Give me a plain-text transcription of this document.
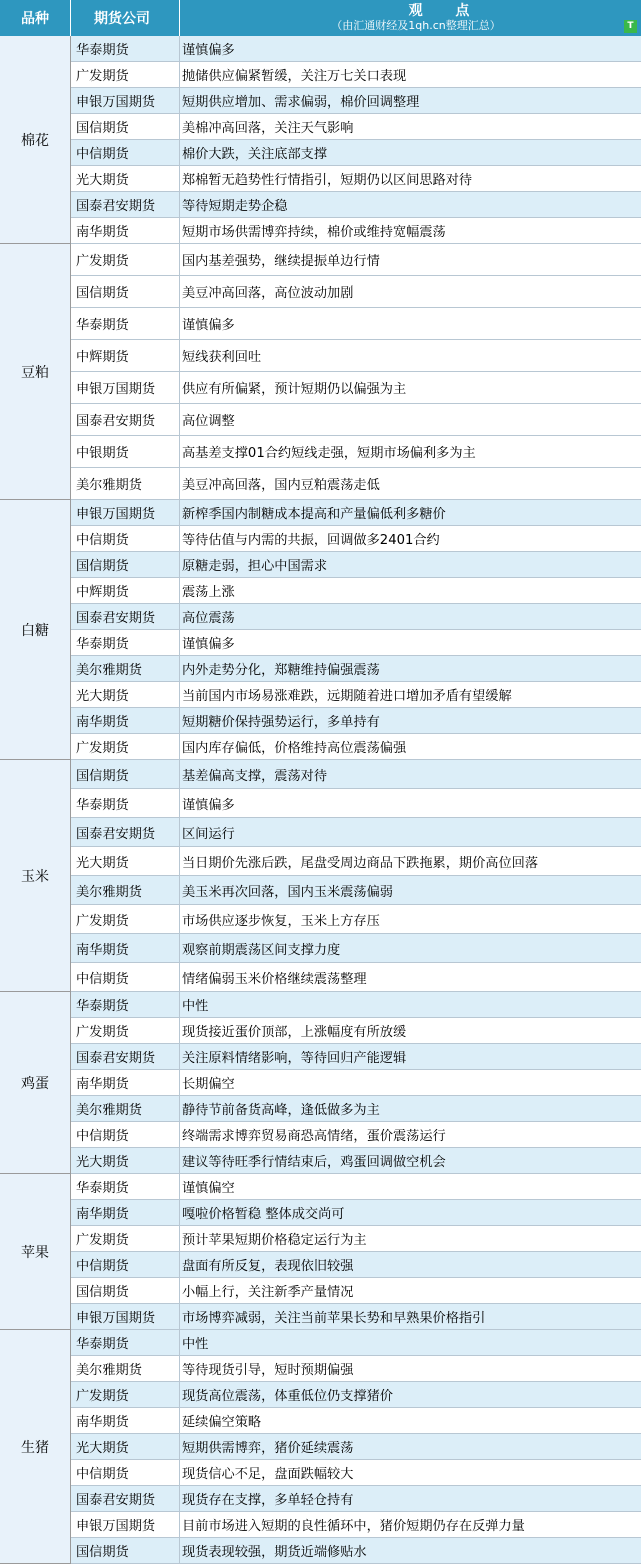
品种	期货公司	观 点
（由汇通财经及1qh.cn整理汇总）	T
棉花
华泰期货	谨慎偏多
广发期货	抛储供应偏紧暂缓，关注万七关口表现
申银万国期货	短期供应增加、需求偏弱，棉价回调整理
国信期货	美棉冲高回落，关注天气影响
中信期货	棉价大跌，关注底部支撑
光大期货	郑棉暂无趋势性行情指引，短期仍以区间思路对待
国泰君安期货	等待短期走势企稳
南华期货	短期市场供需博弈持续，棉价或维持宽幅震荡
豆粕
广发期货	国内基差强势，继续提振单边行情
国信期货	美豆冲高回落，高位波动加剧
华泰期货	谨慎偏多
中辉期货	短线获利回吐
申银万国期货	供应有所偏紧，预计短期仍以偏强为主
国泰君安期货	高位调整
中银期货	高基差支撑01合约短线走强，短期市场偏利多为主
美尔雅期货	美豆冲高回落，国内豆粕震荡走低
白糖
申银万国期货	新榨季国内制糖成本提高和产量偏低利多糖价
中信期货	等待估值与内需的共振，回调做多2401合约
国信期货	原糖走弱，担心中国需求
中辉期货	震荡上涨
国泰君安期货	高位震荡
华泰期货	谨慎偏多
美尔雅期货	内外走势分化，郑糖维持偏强震荡
光大期货	当前国内市场易涨难跌，远期随着进口增加矛盾有望缓解
南华期货	短期糖价保持强势运行，多单持有
广发期货	国内库存偏低，价格维持高位震荡偏强
玉米
国信期货	基差偏高支撑，震荡对待
华泰期货	谨慎偏多
国泰君安期货	区间运行
光大期货	当日期价先涨后跌，尾盘受周边商品下跌拖累，期价高位回落
美尔雅期货	美玉米再次回落，国内玉米震荡偏弱
广发期货	市场供应逐步恢复，玉米上方存压
南华期货	观察前期震荡区间支撑力度
中信期货	情绪偏弱玉米价格继续震荡整理
鸡蛋
华泰期货	中性
广发期货	现货接近蛋价顶部，上涨幅度有所放缓
国泰君安期货	关注原料情绪影响，等待回归产能逻辑
南华期货	长期偏空
美尔雅期货	静待节前备货高峰，逢低做多为主
中信期货	终端需求博弈贸易商恐高情绪，蛋价震荡运行
光大期货	建议等待旺季行情结束后，鸡蛋回调做空机会
苹果
华泰期货	谨慎偏空
南华期货	嘎啦价格暂稳 整体成交尚可
广发期货	预计苹果短期价格稳定运行为主
中信期货	盘面有所反复，表现依旧较强
国信期货	小幅上行，关注新季产量情况
申银万国期货	市场博弈减弱，关注当前苹果长势和早熟果价格指引
生猪
华泰期货	中性
美尔雅期货	等待现货引导，短时预期偏强
广发期货	现货高位震荡，体重低位仍支撑猪价
南华期货	延续偏空策略
光大期货	短期供需博弈，猪价延续震荡
中信期货	现货信心不足，盘面跌幅较大
国泰君安期货	现货存在支撑，多单轻仓持有
申银万国期货	目前市场进入短期的良性循环中，猪价短期仍存在反弹力量
国信期货	现货表现较强，期货近端修贴水
